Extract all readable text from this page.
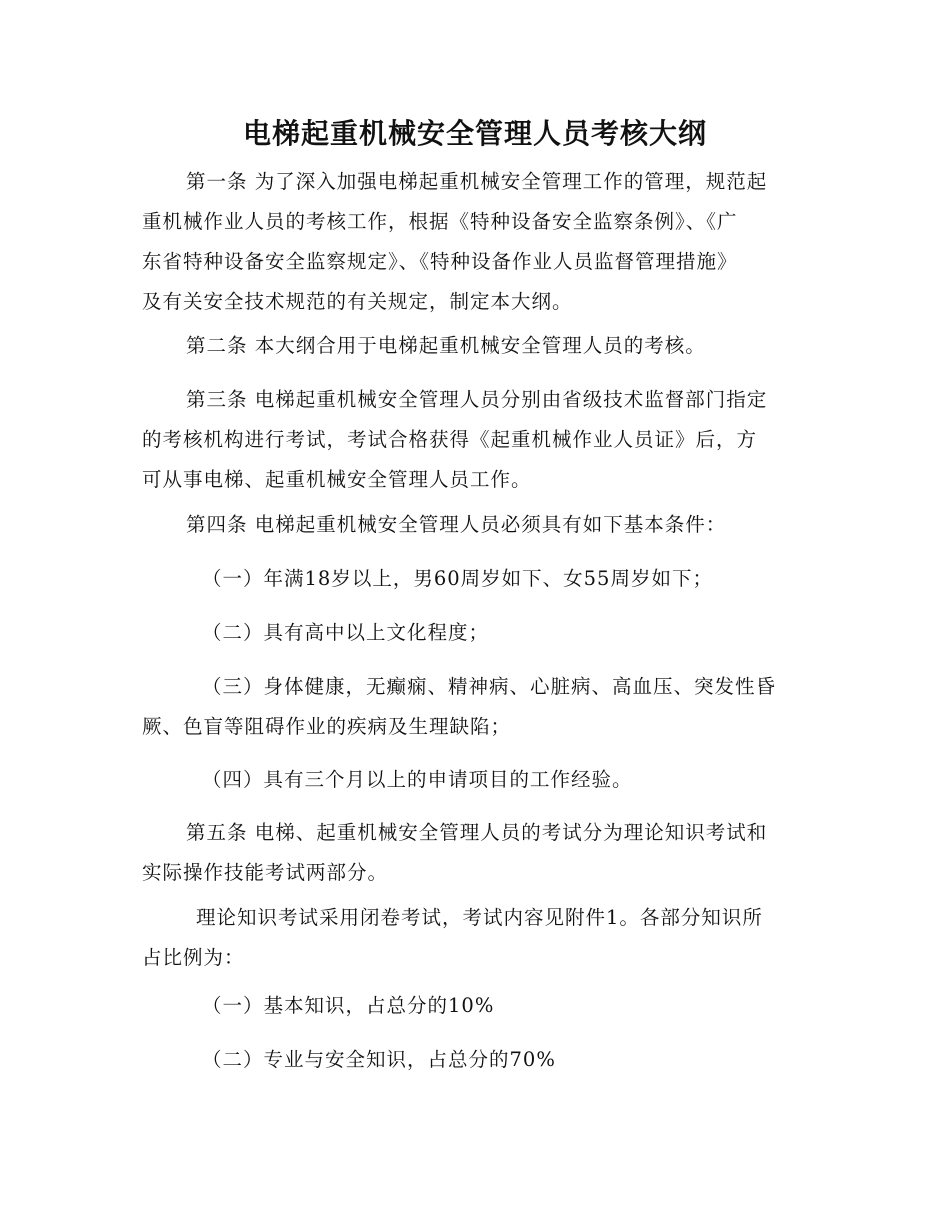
电梯起重机械安全管理人员考核大纲
第一条 为了深入加强电梯起重机械安全管理工作的管理，规范起
重机械作业人员的考核工作，根据《特种设备安全监察条例》、《广
东省特种设备安全监察规定》、《特种设备作业人员监督管理措施》
及有关安全技术规范的有关规定，制定本大纲。
第二条 本大纲合用于电梯起重机械安全管理人员的考核。
第三条 电梯起重机械安全管理人员分别由省级技术监督部门指定
的考核机构进行考试，考试合格获得《起重机械作业人员证》后，方
可从事电梯、起重机械安全管理人员工作。
第四条 电梯起重机械安全管理人员必须具有如下基本条件：
（一）年满18岁以上，男60周岁如下、女55周岁如下；
（二）具有高中以上文化程度；
（三）身体健康，无癫痫、精神病、心脏病、高血压、突发性昏
厥、色盲等阻碍作业的疾病及生理缺陷；
（四）具有三个月以上的申请项目的工作经验。
第五条 电梯、起重机械安全管理人员的考试分为理论知识考试和
实际操作技能考试两部分。
理论知识考试采用闭卷考试，考试内容见附件1。各部分知识所
占比例为：
（一）基本知识，占总分的10%
（二）专业与安全知识，占总分的70%
